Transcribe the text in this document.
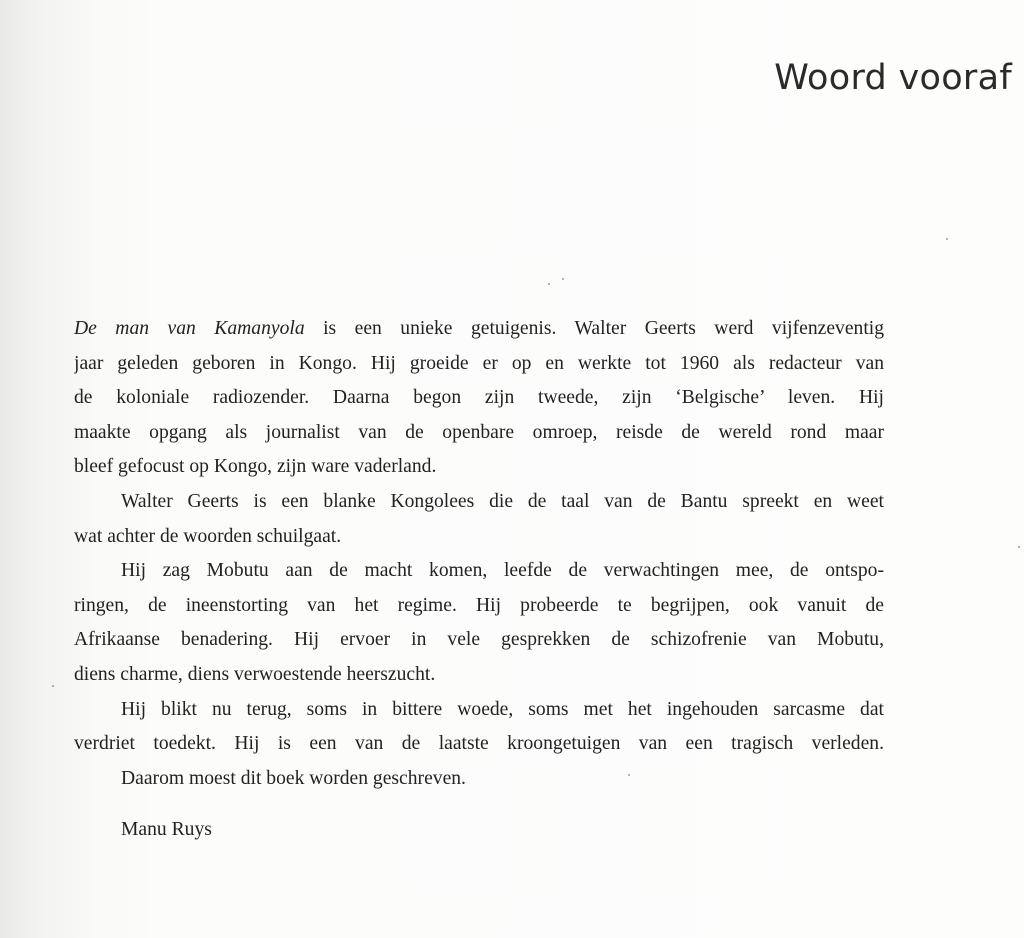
Woord vooraf
De man van Kamanyola is een unieke getuigenis. Walter Geerts werd vijfenzeventig
jaar geleden geboren in Kongo. Hij groeide er op en werkte tot 1960 als redacteur van
de koloniale radiozender. Daarna begon zijn tweede, zijn ‘Belgische’ leven. Hij
maakte opgang als journalist van de openbare omroep, reisde de wereld rond maar
bleef gefocust op Kongo, zijn ware vaderland.
Walter Geerts is een blanke Kongolees die de taal van de Bantu spreekt en weet
wat achter de woorden schuilgaat.
Hij zag Mobutu aan de macht komen, leefde de verwachtingen mee, de ontspo-
ringen, de ineenstorting van het regime. Hij probeerde te begrijpen, ook vanuit de
Afrikaanse benadering. Hij ervoer in vele gesprekken de schizofrenie van Mobutu,
diens charme, diens verwoestende heerszucht.
Hij blikt nu terug, soms in bittere woede, soms met het ingehouden sarcasme dat
verdriet toedekt. Hij is een van de laatste kroongetuigen van een tragisch verleden.
Daarom moest dit boek worden geschreven.
Manu Ruys
